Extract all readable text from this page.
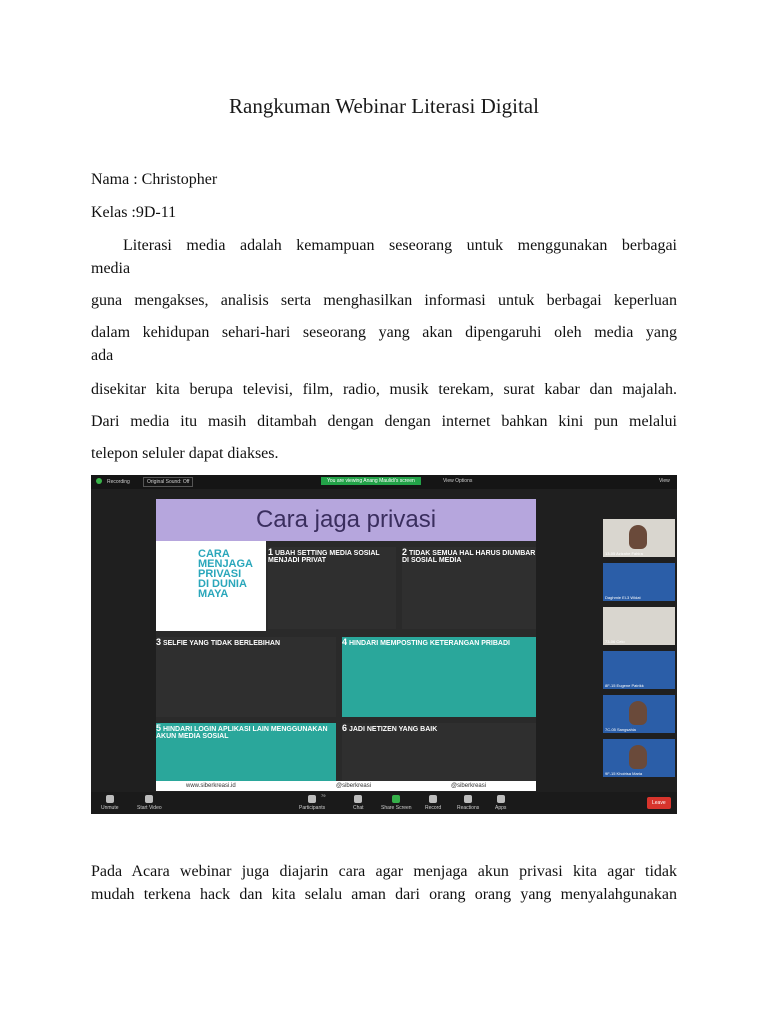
Rangkuman Webinar Literasi Digital
Nama : Christopher
Kelas :9D-11
Literasi media adalah kemampuan seseorang untuk menggunakan berbagai
media
guna mengakses, analisis serta menghasilkan informasi untuk berbagai keperluan
dalam kehidupan sehari-hari seseorang yang akan dipengaruhi oleh media yang
ada
disekitar kita berupa televisi, film, radio, musik terekam, surat kabar dan majalah.
Dari media itu masih ditambah dengan dengan internet bahkan kini pun melalui
telepon seluler dapat diakses.
Recording	Original Sound: Off	You are viewing Anang Maulidi's screen	View Options	View
Cara jaga privasi
CARA
MENJAGA
PRIVASI
DI DUNIA
MAYA
1 UBAH SETTING MEDIA SOSIAL MENJADI PRIVAT
2 TIDAK SEMUA HAL HARUS DIUMBAR DI SOSIAL MEDIA
3 SELFIE YANG TIDAK BERLEBIHAN	4 HINDARI MEMPOSTING KETERANGAN PRIBADI
5 HINDARI LOGIN APLIKASI LAIN MENGGUNAKAN AKUN MEDIA SOSIAL
6 JADI NETIZEN YANG BAIK
www.siberkreasi.id	@siberkreasi	@siberkreasi
13-05 Azizahe Fahira
Daghmie El-3 Widat
73-06 Celo
8F-15 Eugene Patrikk
7C-05 Sangsahia
9F-15 Khoirisa Maria
Unmute	Start Video	Participants
79
Chat	Share Screen	Record	Reactions	Apps
Leave
Pada Acara webinar juga diajarin cara agar menjaga akun privasi kita agar tidak
mudah terkena hack dan kita selalu aman dari orang orang yang menyalahgunakan
